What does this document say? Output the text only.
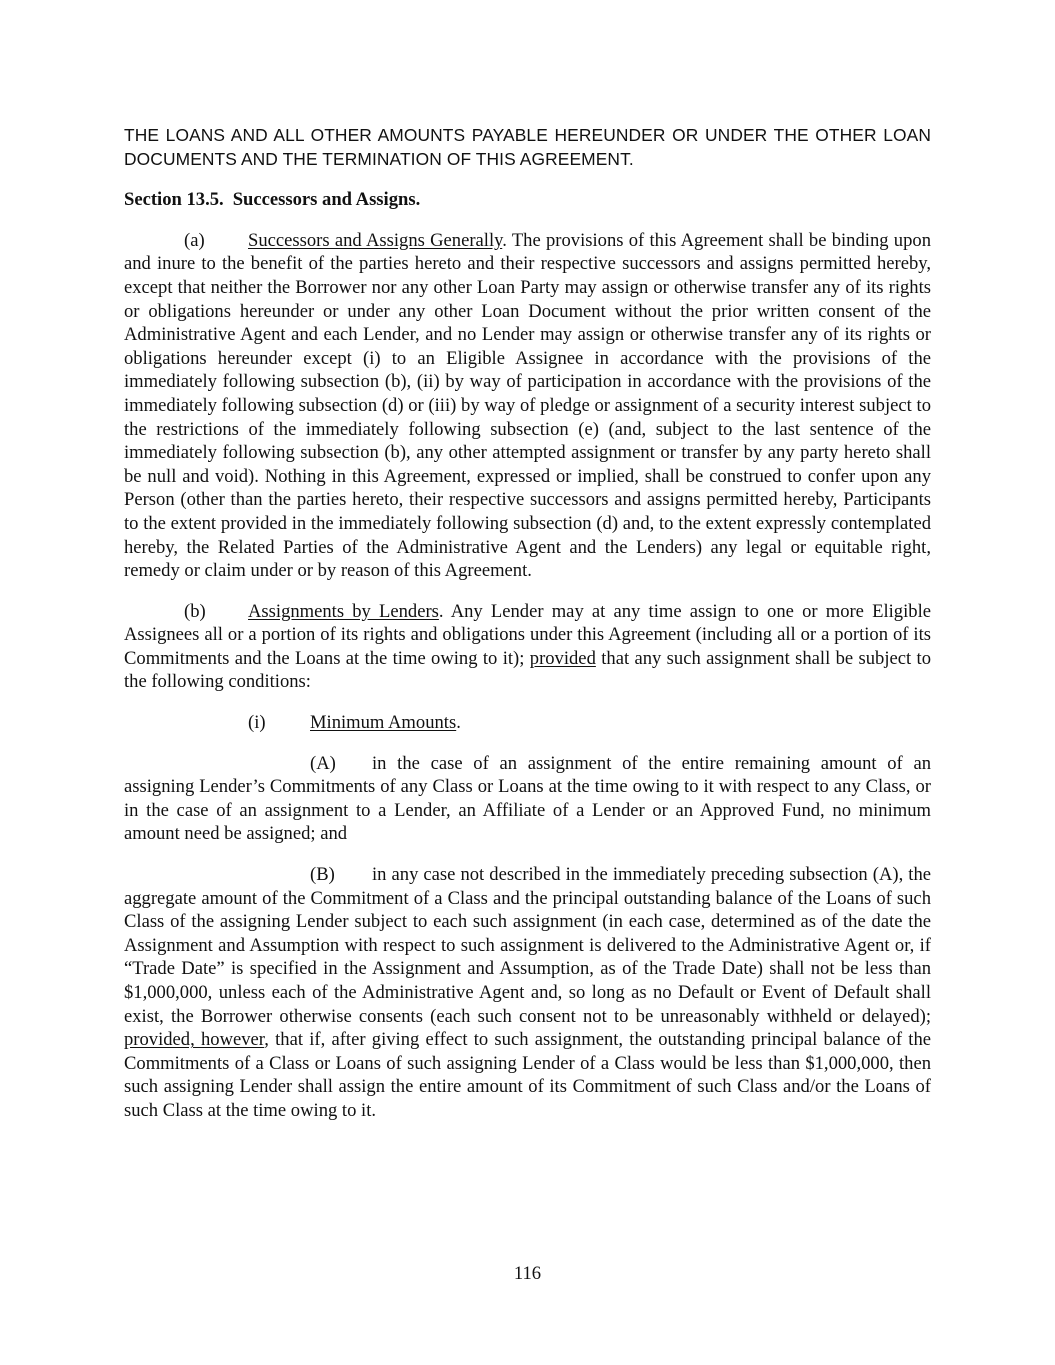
THE LOANS AND ALL OTHER AMOUNTS PAYABLE HEREUNDER OR UNDER THE OTHER LOAN DOCUMENTS AND THE TERMINATION OF THIS AGREEMENT.

Section 13.5. Successors and Assigns.

(a) Successors and Assigns Generally. The provisions of this Agreement shall be binding upon and inure to the benefit of the parties hereto and their respective successors and assigns permitted hereby, except that neither the Borrower nor any other Loan Party may assign or otherwise transfer any of its rights or obligations hereunder or under any other Loan Document without the prior written consent of the Administrative Agent and each Lender, and no Lender may assign or otherwise transfer any of its rights or obligations hereunder except (i) to an Eligible Assignee in accordance with the provisions of the immediately following subsection (b), (ii) by way of participation in accordance with the provisions of the immediately following subsection (d) or (iii) by way of pledge or assignment of a security interest subject to the restrictions of the immediately following subsection (e) (and, subject to the last sentence of the immediately following subsection (b), any other attempted assignment or transfer by any party hereto shall be null and void). Nothing in this Agreement, expressed or implied, shall be construed to confer upon any Person (other than the parties hereto, their respective successors and assigns permitted hereby, Participants to the extent provided in the immediately following subsection (d) and, to the extent expressly contemplated hereby, the Related Parties of the Administrative Agent and the Lenders) any legal or equitable right, remedy or claim under or by reason of this Agreement.

(b) Assignments by Lenders. Any Lender may at any time assign to one or more Eligible Assignees all or a portion of its rights and obligations under this Agreement (including all or a portion of its Commitments and the Loans at the time owing to it); provided that any such assignment shall be subject to the following conditions:

(i) Minimum Amounts.

(A) in the case of an assignment of the entire remaining amount of an assigning Lender’s Commitments of any Class or Loans at the time owing to it with respect to any Class, or in the case of an assignment to a Lender, an Affiliate of a Lender or an Approved Fund, no minimum amount need be assigned; and

(B) in any case not described in the immediately preceding subsection (A), the aggregate amount of the Commitment of a Class and the principal outstanding balance of the Loans of such Class of the assigning Lender subject to each such assignment (in each case, determined as of the date the Assignment and Assumption with respect to such assignment is delivered to the Administrative Agent or, if “Trade Date” is specified in the Assignment and Assumption, as of the Trade Date) shall not be less than $1,000,000, unless each of the Administrative Agent and, so long as no Default or Event of Default shall exist, the Borrower otherwise consents (each such consent not to be unreasonably withheld or delayed); provided, however, that if, after giving effect to such assignment, the outstanding principal balance of the Commitments of a Class or Loans of such assigning Lender of a Class would be less than $1,000,000, then such assigning Lender shall assign the entire amount of its Commitment of such Class and/or the Loans of such Class at the time owing to it.

116
